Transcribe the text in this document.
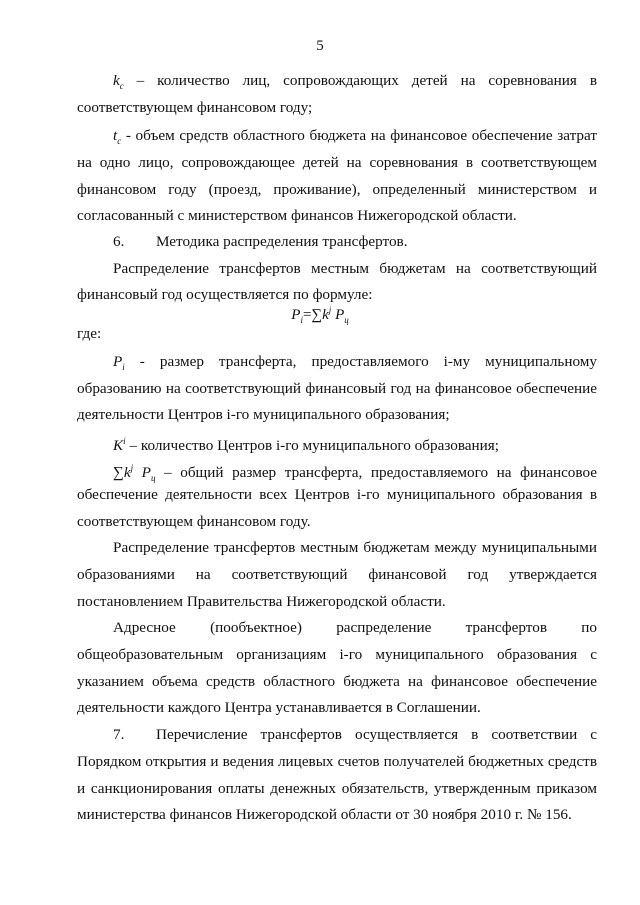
5
$k_c$ – количество лиц, сопровождающих детей на соревнования в
соответствующем финансовом году;
$t_c$ - объем средств областного бюджета на финансовое обеспечение затрат
на одно лицо, сопровождающее детей на соревнования в соответствующем
финансовом году (проезд, проживание), определенный министерством и
согласованный с министерством финансов Нижегородской области.
6. Методика распределения трансфертов.
Распределение трансфертов местным бюджетам на соответствующий
финансовый год осуществляется по формуле:
$P_i=\sum k^j$ $P_ц$
где:
$P_i$ - размер трансферта, предоставляемого i-му муниципальному
образованию на соответствующий финансовый год на финансовое обеспечение
деятельности Центров i-го муниципального образования;
$K^i$ – количество Центров i-го муниципального образования;
$\sum k^j$ $P_ц$ – общий размер трансферта, предоставляемого на финансовое
обеспечение деятельности всех Центров i-го муниципального образования в
соответствующем финансовом году.
Распределение трансфертов местным бюджетам между муниципальными
образованиями на соответствующий финансовой год утверждается
постановлением Правительства Нижегородской области.
Адресное (пообъектное) распределение трансфертов по
общеобразовательным организациям i-го муниципального образования с
указанием объема средств областного бюджета на финансовое обеспечение
деятельности каждого Центра устанавливается в Соглашении.
7. Перечисление трансфертов осуществляется в соответствии с
Порядком открытия и ведения лицевых счетов получателей бюджетных средств
и санкционирования оплаты денежных обязательств, утвержденным приказом
министерства финансов Нижегородской области от 30 ноября 2010 г. № 156.
